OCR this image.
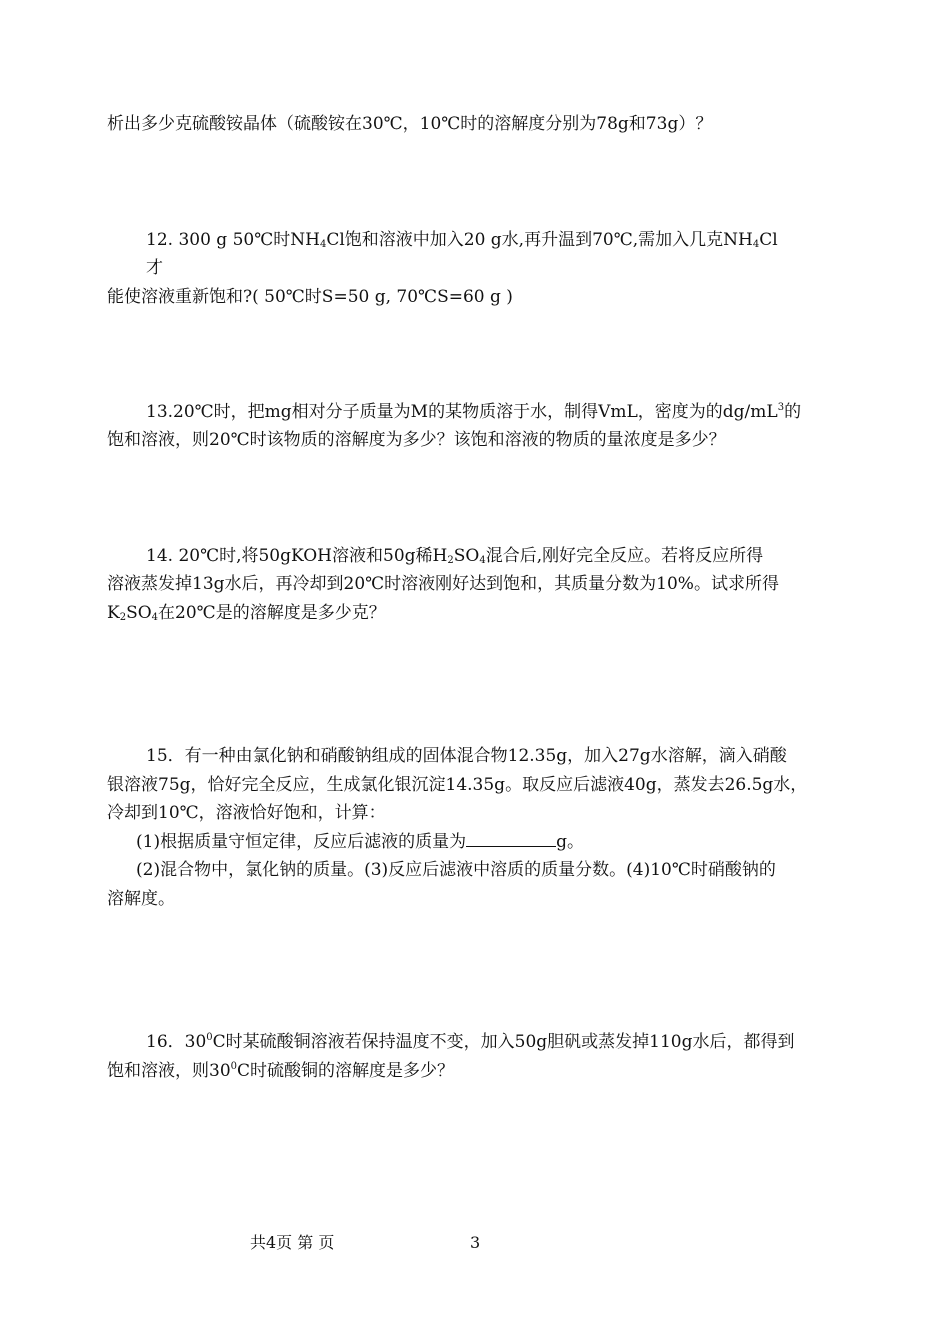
析出多少克硫酸铵晶体（硫酸铵在30℃，10℃时的溶解度分别为78g和73g）？
12. 300 g 50℃时$NH_4Cl$饱和溶液中加入20 g水,再升温到70℃,需加入几克$NH_4Cl$
才
能使溶液重新饱和?( 50℃时S=50 g, 70℃S=60 g )
13.20℃时，把mg相对分子质量为M的某物质溶于水，制得VmL，密度为的$dg/mL^3$的
饱和溶液，则20℃时该物质的溶解度为多少？该饱和溶液的物质的量浓度是多少？
14. 20℃时,将50gKOH溶液和50g稀$H_2SO_4$混合后,刚好完全反应。若将反应所得
溶液蒸发掉13g水后，再冷却到20℃时溶液刚好达到饱和，其质量分数为10%。试求所得
$K_2SO_4$在20℃是的溶解度是多少克？
15．有一种由氯化钠和硝酸钠组成的固体混合物12.35g，加入27g水溶解，滴入硝酸
银溶液75g，恰好完全反应，生成氯化银沉淀14.35g。取反应后滤液40g，蒸发去26.5g水，
冷却到10℃，溶液恰好饱和，计算：
(1)根据质量守恒定律，反应后滤液的质量为	g。
(2)混合物中，氯化钠的质量。(3)反应后滤液中溶质的质量分数。(4)10℃时硝酸钠的
溶解度。
16．$30^0C$时某硫酸铜溶液若保持温度不变，加入50g胆矾或蒸发掉110g水后，都得到
饱和溶液，则$30^0C$时硫酸铜的溶解度是多少？
共4页 第 页	3
